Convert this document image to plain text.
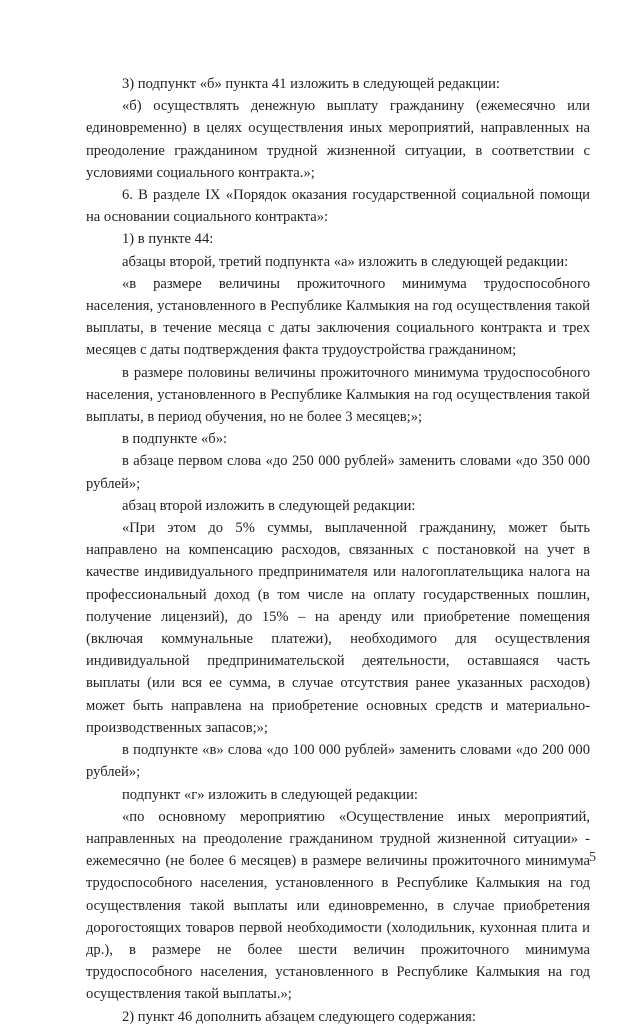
3) подпункт «б» пункта 41 изложить в следующей редакции:

«б) осуществлять денежную выплату гражданину (ежемесячно или единовременно) в целях осуществления иных мероприятий, направленных на преодоление гражданином трудной жизненной ситуации, в соответствии с условиями социального контракта.»;

6. В разделе IX «Порядок оказания государственной социальной помощи на основании социального контракта»:

1) в пункте 44:

абзацы второй, третий подпункта «а» изложить в следующей редакции:

«в размере величины прожиточного минимума трудоспособного населения, установленного в Республике Калмыкия на год осуществления такой выплаты, в течение месяца с даты заключения социального контракта и трех месяцев с даты подтверждения факта трудоустройства гражданином;

в размере половины величины прожиточного минимума трудоспособного населения, установленного в Республике Калмыкия на год осуществления такой выплаты, в период обучения, но не более 3 месяцев;»;

в подпункте «б»:

в абзаце первом слова «до 250 000 рублей» заменить словами «до 350 000 рублей»;

абзац второй изложить в следующей редакции:

«При этом до 5% суммы, выплаченной гражданину, может быть направлено на компенсацию расходов, связанных с постановкой на учет в качестве индивидуального предпринимателя или налогоплательщика налога на профессиональный доход (в том числе на оплату государственных пошлин, получение лицензий), до 15% – на аренду или приобретение помещения (включая коммунальные платежи), необходимого для осуществления индивидуальной предпринимательской деятельности, оставшаяся часть выплаты (или вся ее сумма, в случае отсутствия ранее указанных расходов) может быть направлена на приобретение основных средств и материально-производственных запасов;»;

в подпункте «в» слова «до 100 000 рублей» заменить словами «до 200 000 рублей»;

подпункт «г» изложить в следующей редакции:

«по основному мероприятию «Осуществление иных мероприятий, направленных на преодоление гражданином трудной жизненной ситуации» - ежемесячно (не более 6 месяцев) в размере величины прожиточного минимума трудоспособного населения, установленного в Республике Калмыкия на год осуществления такой выплаты или единовременно, в случае приобретения дорогостоящих товаров первой необходимости (холодильник, кухонная плита и др.), в размере не более шести величин прожиточного минимума трудоспособного населения, установленного в Республике Калмыкия на год осуществления такой выплаты.»;

2) пункт 46 дополнить абзацем следующего содержания:

5
